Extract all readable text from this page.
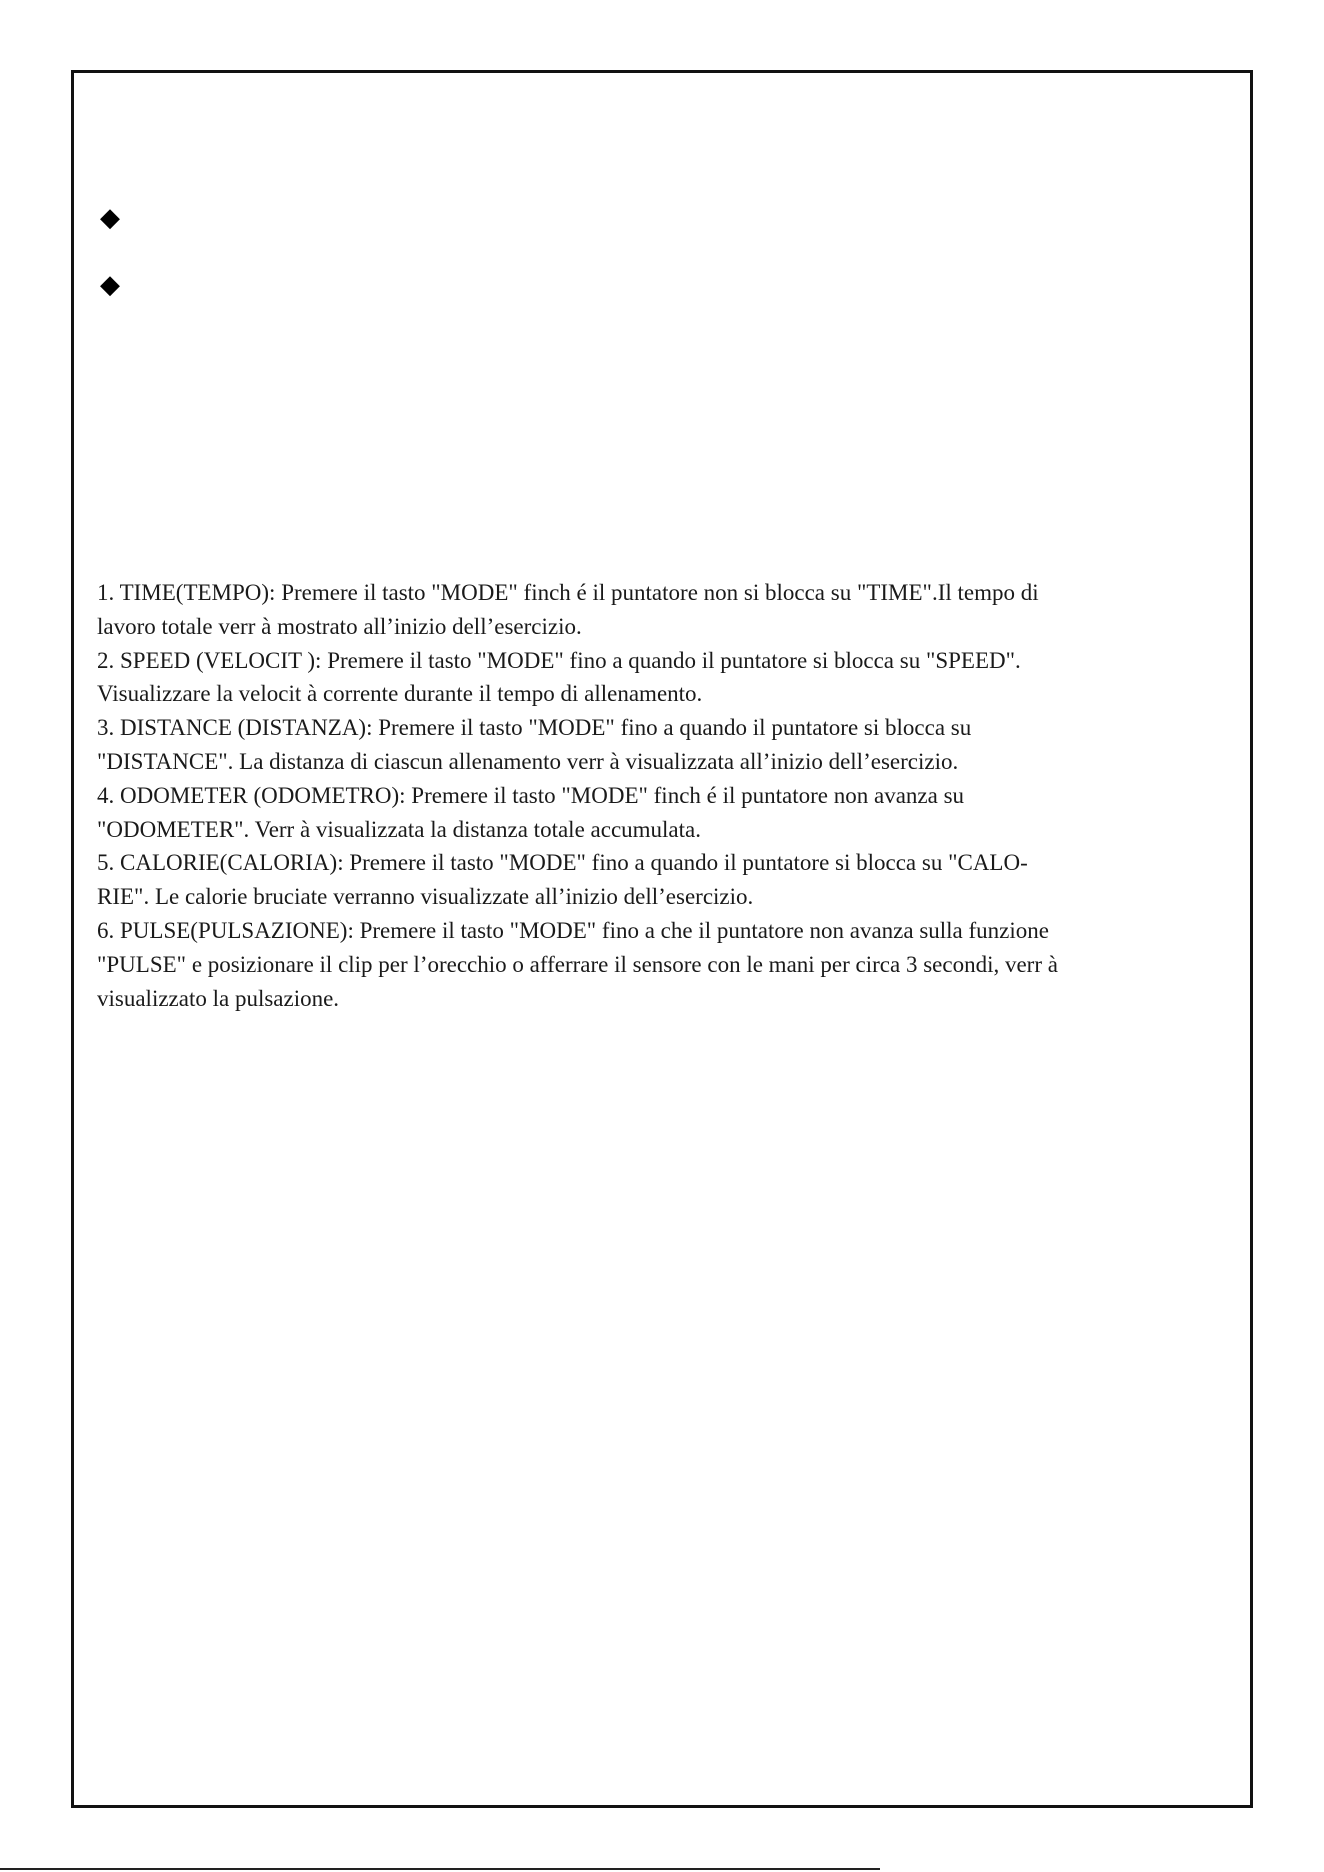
◆
◆
1. TIME(TEMPO): Premere il tasto "MODE" finch é il puntatore non si blocca su "TIME".Il tempo di
lavoro totale verr à mostrato all’inizio dell’esercizio.
2. SPEED (VELOCIT ): Premere il tasto "MODE" fino a quando il puntatore si blocca su "SPEED".
Visualizzare la velocit à corrente durante il tempo di allenamento.
3. DISTANCE (DISTANZA): Premere il tasto "MODE" fino a quando il puntatore si blocca su
"DISTANCE". La distanza di ciascun allenamento verr à visualizzata all’inizio dell’esercizio.
4. ODOMETER (ODOMETRO): Premere il tasto "MODE" finch é il puntatore non avanza su
"ODOMETER". Verr à visualizzata la distanza totale accumulata.
5. CALORIE(CALORIA): Premere il tasto "MODE" fino a quando il puntatore si blocca su "CALO-
RIE". Le calorie bruciate verranno visualizzate all’inizio dell’esercizio.
6. PULSE(PULSAZIONE): Premere il tasto "MODE" fino a che il puntatore non avanza sulla funzione
"PULSE" e posizionare il clip per l’orecchio o afferrare il sensore con le mani per circa 3 secondi, verr à
visualizzato la pulsazione.
